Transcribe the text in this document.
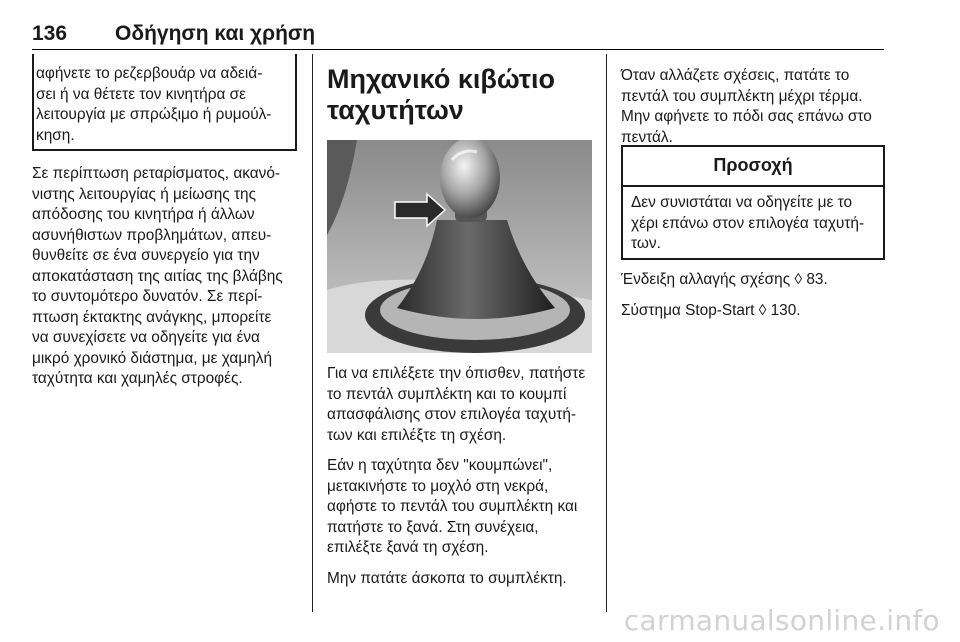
136 Οδήγηση και χρήση
αφήνετε το ρεζερβουάρ να αδειά-
σει ή να θέτετε τον κινητήρα σε
λειτουργία με σπρώξιμο ή ρυμούλ-
κηση.
Σε περίπτωση ρεταρίσματος, ακανό-
νιστης λειτουργίας ή μείωσης της
απόδοσης του κινητήρα ή άλλων
ασυνήθιστων προβλημάτων, απευ-
θυνθείτε σε ένα συνεργείο για την
αποκατάσταση της αιτίας της βλάβης
το συντομότερο δυνατόν. Σε περί-
πτωση έκτακτης ανάγκης, μπορείτε
να συνεχίσετε να οδηγείτε για ένα
μικρό χρονικό διάστημα, με χαμηλή
ταχύτητα και χαμηλές στροφές.
Μηχανικό κιβώτιο
ταχυτήτων

Για να επιλέξετε την όπισθεν, πατήστε
το πεντάλ συμπλέκτη και το κουμπί
απασφάλισης στον επιλογέα ταχυτή-
των και επιλέξτε τη σχέση.

Εάν η ταχύτητα δεν "κουμπώνει",
μετακινήστε το μοχλό στη νεκρά,
αφήστε το πεντάλ του συμπλέκτη και
πατήστε το ξανά. Στη συνέχεια,
επιλέξτε ξανά τη σχέση.

Μην πατάτε άσκοπα το συμπλέκτη.

Όταν αλλάζετε σχέσεις, πατάτε το
πεντάλ του συμπλέκτη μέχρι τέρμα.
Μην αφήνετε το πόδι σας επάνω στο
πεντάλ.
Προσοχή
Δεν συνιστάται να οδηγείτε με το
χέρι επάνω στον επιλογέα ταχυτή-
των.

Ένδειξη αλλαγής σχέσης ◊ 83.

Σύστημα Stop-Start ◊ 130.

carmanualsonline.info
